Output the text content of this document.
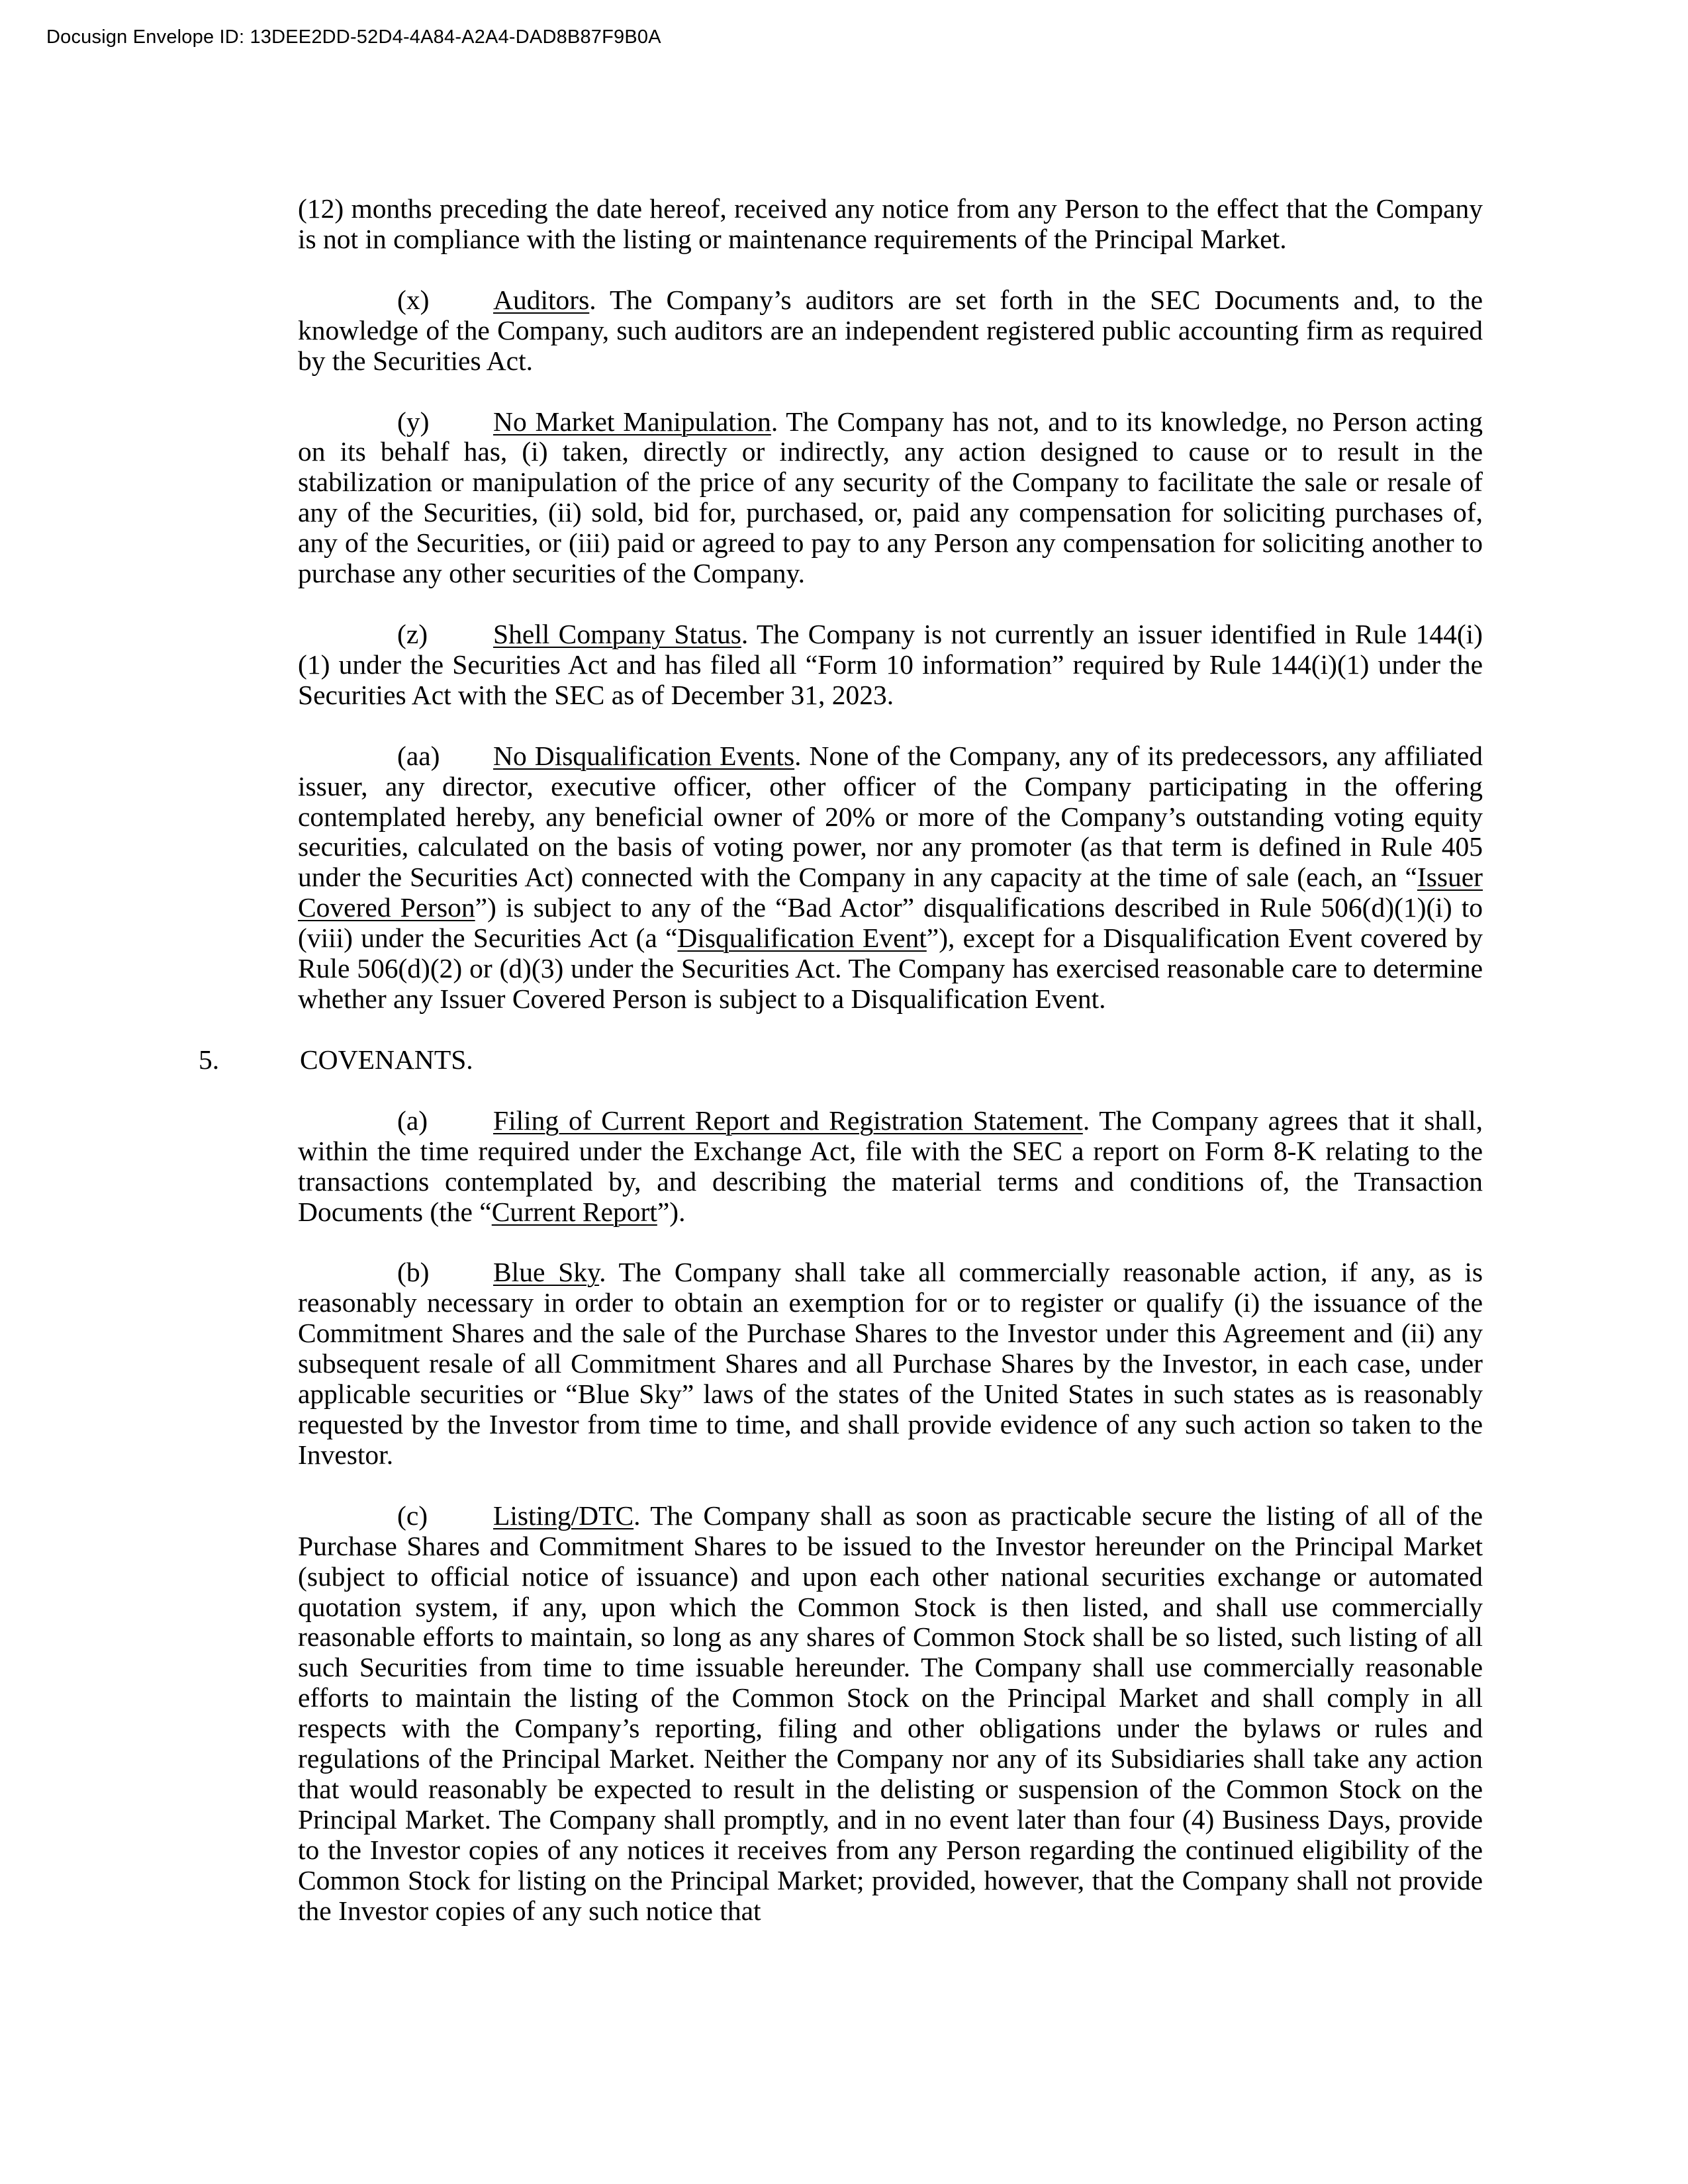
Docusign Envelope ID: 13DEE2DD-52D4-4A84-A2A4-DAD8B87F9B0A

(12) months preceding the date hereof, received any notice from any Person to the effect that the Company is not in compliance with the listing or maintenance requirements of the Principal Market.

(x) Auditors. The Company’s auditors are set forth in the SEC Documents and, to the knowledge of the Company, such auditors are an independent registered public accounting firm as required by the Securities Act.

(y) No Market Manipulation. The Company has not, and to its knowledge, no Person acting on its behalf has, (i) taken, directly or indirectly, any action designed to cause or to result in the stabilization or manipulation of the price of any security of the Company to facilitate the sale or resale of any of the Securities, (ii) sold, bid for, purchased, or, paid any compensation for soliciting purchases of, any of the Securities, or (iii) paid or agreed to pay to any Person any compensation for soliciting another to purchase any other securities of the Company.

(z) Shell Company Status. The Company is not currently an issuer identified in Rule 144(i)(1) under the Securities Act and has filed all “Form 10 information” required by Rule 144(i)(1) under the Securities Act with the SEC as of December 31, 2023.

(aa) No Disqualification Events. None of the Company, any of its predecessors, any affiliated issuer, any director, executive officer, other officer of the Company participating in the offering contemplated hereby, any beneficial owner of 20% or more of the Company’s outstanding voting equity securities, calculated on the basis of voting power, nor any promoter (as that term is defined in Rule 405 under the Securities Act) connected with the Company in any capacity at the time of sale (each, an “Issuer Covered Person”) is subject to any of the “Bad Actor” disqualifications described in Rule 506(d)(1)(i) to (viii) under the Securities Act (a “Disqualification Event”), except for a Disqualification Event covered by Rule 506(d)(2) or (d)(3) under the Securities Act. The Company has exercised reasonable care to determine whether any Issuer Covered Person is subject to a Disqualification Event.

5.	COVENANTS.

(a) Filing of Current Report and Registration Statement. The Company agrees that it shall, within the time required under the Exchange Act, file with the SEC a report on Form 8-K relating to the transactions contemplated by, and describing the material terms and conditions of, the Transaction Documents (the “Current Report”).

(b) Blue Sky. The Company shall take all commercially reasonable action, if any, as is reasonably necessary in order to obtain an exemption for or to register or qualify (i) the issuance of the Commitment Shares and the sale of the Purchase Shares to the Investor under this Agreement and (ii) any subsequent resale of all Commitment Shares and all Purchase Shares by the Investor, in each case, under applicable securities or “Blue Sky” laws of the states of the United States in such states as is reasonably requested by the Investor from time to time, and shall provide evidence of any such action so taken to the Investor.

(c) Listing/DTC. The Company shall as soon as practicable secure the listing of all of the Purchase Shares and Commitment Shares to be issued to the Investor hereunder on the Principal Market (subject to official notice of issuance) and upon each other national securities exchange or automated quotation system, if any, upon which the Common Stock is then listed, and shall use commercially reasonable efforts to maintain, so long as any shares of Common Stock shall be so listed, such listing of all such Securities from time to time issuable hereunder. The Company shall use commercially reasonable efforts to maintain the listing of the Common Stock on the Principal Market and shall comply in all respects with the Company’s reporting, filing and other obligations under the bylaws or rules and regulations of the Principal Market. Neither the Company nor any of its Subsidiaries shall take any action that would reasonably be expected to result in the delisting or suspension of the Common Stock on the Principal Market. The Company shall promptly, and in no event later than four (4) Business Days, provide to the Investor copies of any notices it receives from any Person regarding the continued eligibility of the Common Stock for listing on the Principal Market; provided, however, that the Company shall not provide the Investor copies of any such notice that
